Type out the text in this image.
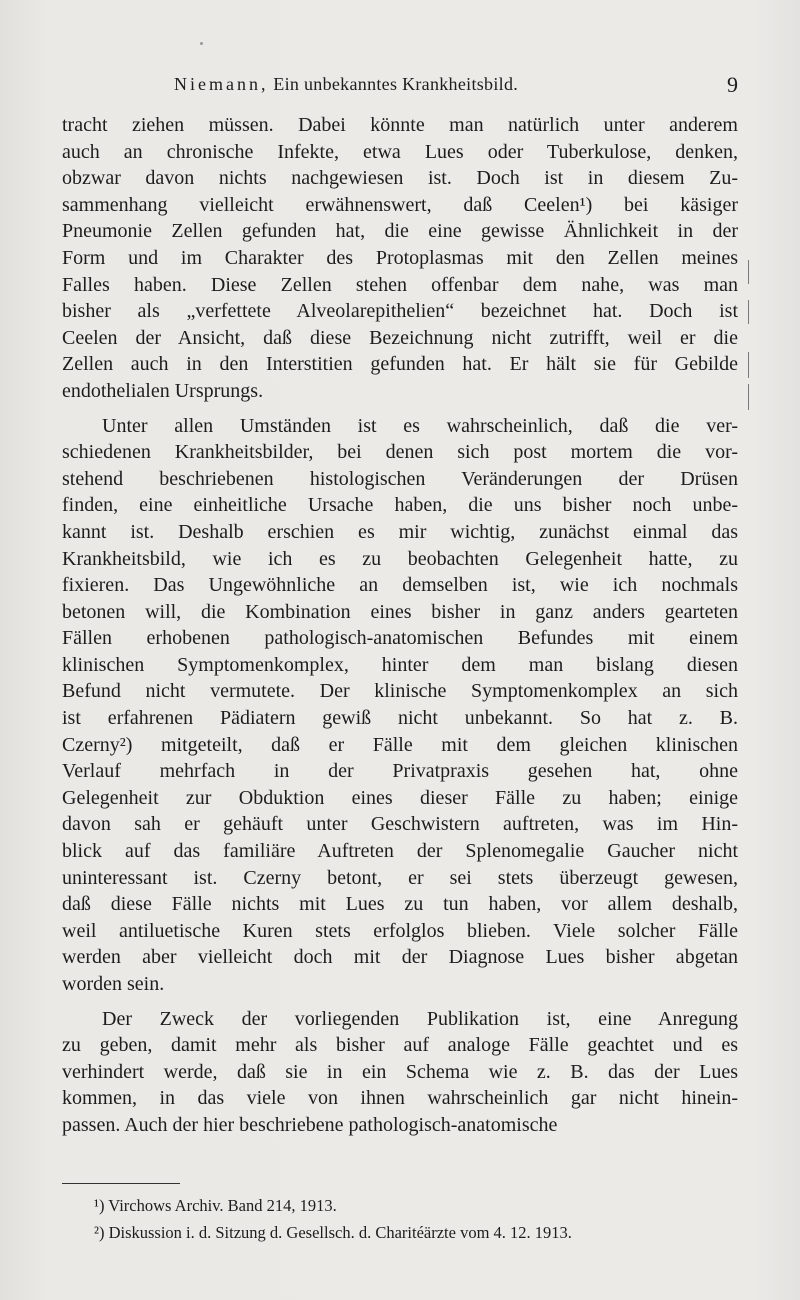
Niemann, Ein unbekanntes Krankheitsbild.	9
tracht ziehen müssen. Dabei könnte man natürlich unter anderem
auch an chronische Infekte, etwa Lues oder Tuberkulose, denken,
obzwar davon nichts nachgewiesen ist. Doch ist in diesem Zu-
sammenhang vielleicht erwähnenswert, daß Ceelen¹) bei käsiger
Pneumonie Zellen gefunden hat, die eine gewisse Ähnlichkeit in der
Form und im Charakter des Protoplasmas mit den Zellen meines
Falles haben. Diese Zellen stehen offenbar dem nahe, was man
bisher als „verfettete Alveolarepithelien“ bezeichnet hat. Doch ist
Ceelen der Ansicht, daß diese Bezeichnung nicht zutrifft, weil er die
Zellen auch in den Interstitien gefunden hat. Er hält sie für Gebilde
endothelialen Ursprungs.
Unter allen Umständen ist es wahrscheinlich, daß die ver-
schiedenen Krankheitsbilder, bei denen sich post mortem die vor-
stehend beschriebenen histologischen Veränderungen der Drüsen
finden, eine einheitliche Ursache haben, die uns bisher noch unbe-
kannt ist. Deshalb erschien es mir wichtig, zunächst einmal das
Krankheitsbild, wie ich es zu beobachten Gelegenheit hatte, zu
fixieren. Das Ungewöhnliche an demselben ist, wie ich nochmals
betonen will, die Kombination eines bisher in ganz anders gearteten
Fällen erhobenen pathologisch-anatomischen Befundes mit einem
klinischen Symptomenkomplex, hinter dem man bislang diesen
Befund nicht vermutete. Der klinische Symptomenkomplex an sich
ist erfahrenen Pädiatern gewiß nicht unbekannt. So hat z. B.
Czerny²) mitgeteilt, daß er Fälle mit dem gleichen klinischen
Verlauf mehrfach in der Privatpraxis gesehen hat, ohne
Gelegenheit zur Obduktion eines dieser Fälle zu haben; einige
davon sah er gehäuft unter Geschwistern auftreten, was im Hin-
blick auf das familiäre Auftreten der Splenomegalie Gaucher nicht
uninteressant ist. Czerny betont, er sei stets überzeugt gewesen,
daß diese Fälle nichts mit Lues zu tun haben, vor allem deshalb,
weil antiluetische Kuren stets erfolglos blieben. Viele solcher Fälle
werden aber vielleicht doch mit der Diagnose Lues bisher abgetan
worden sein.
Der Zweck der vorliegenden Publikation ist, eine Anregung
zu geben, damit mehr als bisher auf analoge Fälle geachtet und es
verhindert werde, daß sie in ein Schema wie z. B. das der Lues
kommen, in das viele von ihnen wahrscheinlich gar nicht hinein-
passen. Auch der hier beschriebene pathologisch-anatomische
¹) Virchows Archiv. Band 214, 1913.
²) Diskussion i. d. Sitzung d. Gesellsch. d. Charitéärzte vom 4. 12. 1913.
